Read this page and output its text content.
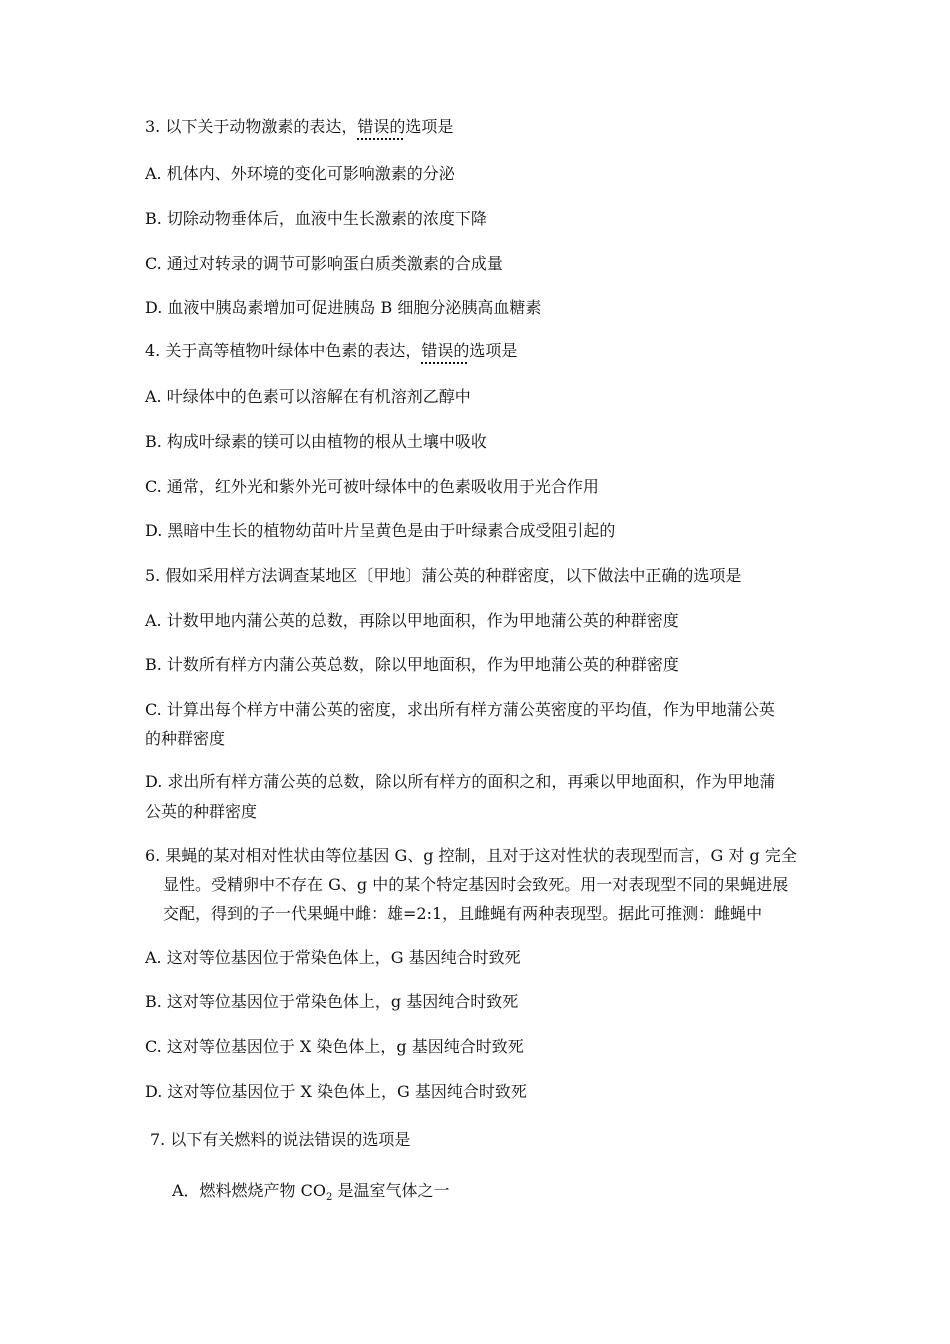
3. 以下关于动物激素的表达，错误的选项是
A. 机体内、外环境的变化可影响激素的分泌
B. 切除动物垂体后，血液中生长激素的浓度下降
C. 通过对转录的调节可影响蛋白质类激素的合成量
D. 血液中胰岛素增加可促进胰岛 B 细胞分泌胰高血糖素
4. 关于高等植物叶绿体中色素的表达，错误的选项是
A. 叶绿体中的色素可以溶解在有机溶剂乙醇中
B. 构成叶绿素的镁可以由植物的根从土壤中吸收
C. 通常，红外光和紫外光可被叶绿体中的色素吸收用于光合作用
D. 黑暗中生长的植物幼苗叶片呈黄色是由于叶绿素合成受阻引起的
5. 假如采用样方法调查某地区〔甲地〕蒲公英的种群密度，以下做法中正确的选项是
A. 计数甲地内蒲公英的总数，再除以甲地面积，作为甲地蒲公英的种群密度
B. 计数所有样方内蒲公英总数，除以甲地面积，作为甲地蒲公英的种群密度
C. 计算出每个样方中蒲公英的密度，求出所有样方蒲公英密度的平均值，作为甲地蒲公英
的种群密度
D. 求出所有样方蒲公英的总数，除以所有样方的面积之和，再乘以甲地面积，作为甲地蒲
公英的种群密度
6. 果蝇的某对相对性状由等位基因 G、g 控制，且对于这对性状的表现型而言，G 对 g 完全
显性。受精卵中不存在 G、g 中的某个特定基因时会致死。用一对表现型不同的果蝇进展
交配，得到的子一代果蝇中雌：雄=2:1，且雌蝇有两种表现型。据此可推测：雌蝇中
A. 这对等位基因位于常染色体上，G 基因纯合时致死
B. 这对等位基因位于常染色体上，g 基因纯合时致死
C. 这对等位基因位于 X 染色体上，g 基因纯合时致死
D. 这对等位基因位于 X 染色体上，G 基因纯合时致死
7. 以下有关燃料的说法错误的选项是
A．燃料燃烧产物 $CO_2$ 是温室气体之一
